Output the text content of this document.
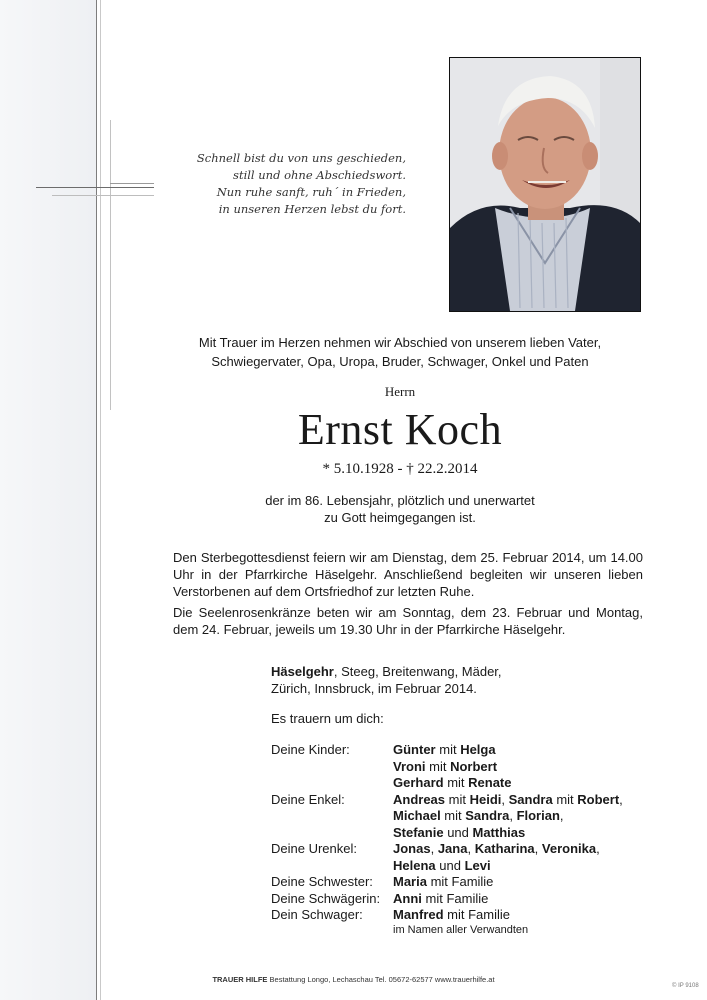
Schnell bist du von uns geschieden,
still und ohne Abschiedswort.
Nun ruhe sanft, ruh´ in Frieden,
in unseren Herzen lebst du fort.
Mit Trauer im Herzen nehmen wir Abschied von unserem lieben Vater,
Schwiegervater, Opa, Uropa, Bruder, Schwager, Onkel und Paten
Herrn
Ernst Koch
* 5.10.1928 - † 22.2.2014
der im 86. Lebensjahr, plötzlich und unerwartet
zu Gott heimgegangen ist.
Den Sterbegottesdienst feiern wir am Dienstag, dem 25. Februar 2014, um 14.00 Uhr in der Pfarrkirche Häselgehr. Anschließend begleiten wir unseren lieben Verstorbenen auf dem Ortsfriedhof zur letzten Ruhe.
Die Seelenrosenkränze beten wir am Sonntag, dem 23. Februar und Montag, dem 24. Februar, jeweils um 19.30 Uhr in der Pfarrkirche Häselgehr.
Häselgehr, Steeg, Breitenwang, Mäder,
Zürich, Innsbruck, im Februar 2014.
Es trauern um dich:
Deine Kinder:	Günter mit Helga
Vroni mit Norbert
Gerhard mit Renate
Deine Enkel:	Andreas mit Heidi, Sandra mit Robert,
Michael mit Sandra, Florian,
Stefanie und Matthias
Deine Urenkel:	Jonas, Jana, Katharina, Veronika,
Helena und Levi
Deine Schwester:	Maria mit Familie
Deine Schwägerin: Anni mit Familie
Dein Schwager:	Manfred mit Familie
im Namen aller Verwandten
TRAUER HILFE Bestattung Longo, Lechaschau Tel. 05672-62577 www.trauerhilfe.at
© IP 9108
